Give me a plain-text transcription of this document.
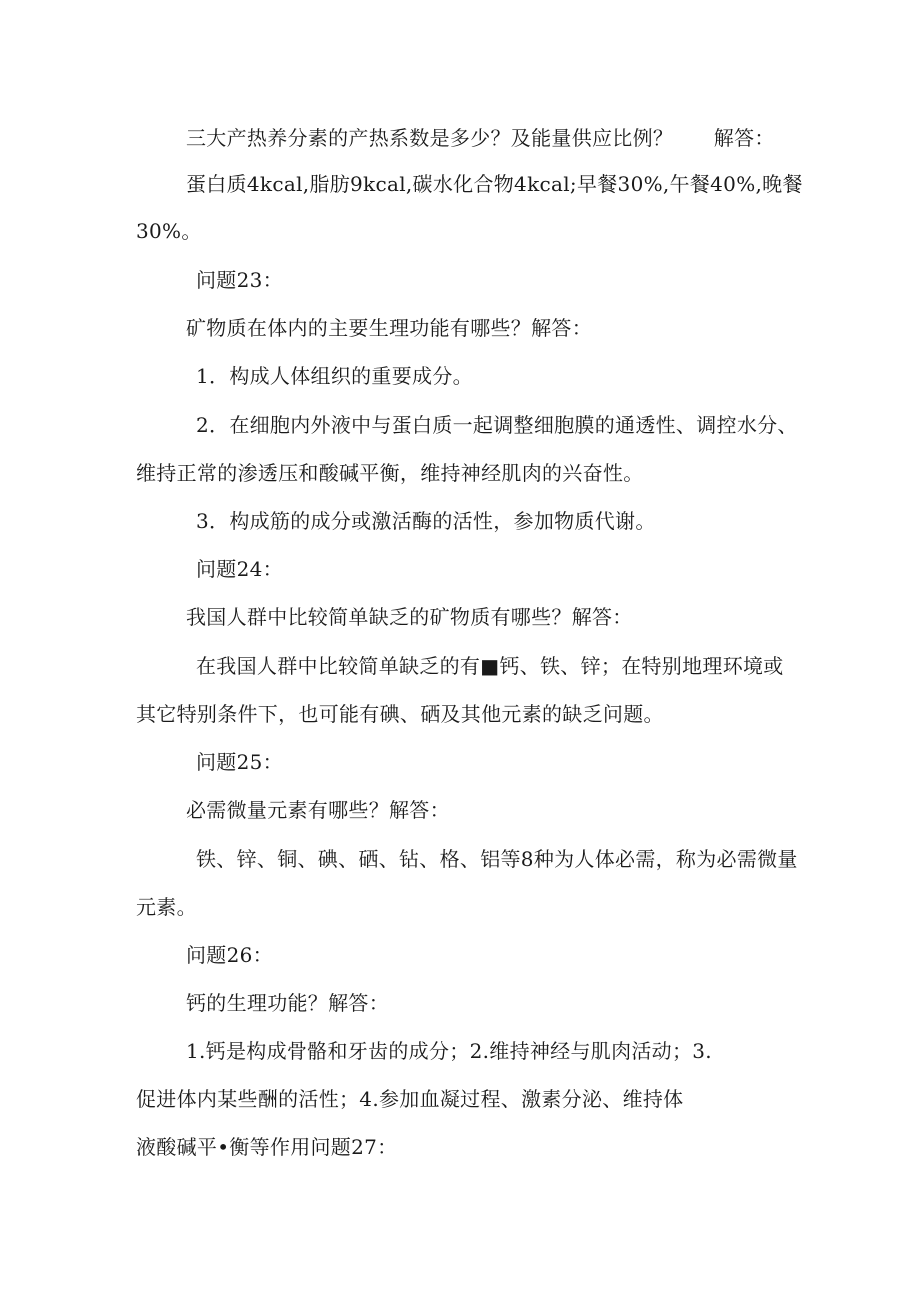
三大产热养分素的产热系数是多少？及能量供应比例？　　解答：
蛋白质4kcal,脂肪9kcal,碳水化合物4kcal;早餐30%,午餐40%,晚餐
30%。
问题23：
矿物质在体内的主要生理功能有哪些？解答：
1．构成人体组织的重要成分。
2．在细胞内外液中与蛋白质一起调整细胞膜的通透性、调控水分、
维持正常的渗透压和酸碱平衡，维持神经肌肉的兴奋性。
3．构成筋的成分或激活酶的活性，参加物质代谢。
问题24：
我国人群中比较简单缺乏的矿物质有哪些？解答：
在我国人群中比较简单缺乏的有■钙、铁、锌；在特别地理环境或
其它特别条件下，也可能有碘、硒及其他元素的缺乏问题。
问题25：
必需微量元素有哪些？解答：
铁、锌、铜、碘、硒、钻、格、铝等8种为人体必需，称为必需微量
元素。
问题26：
钙的生理功能？解答：
1.钙是构成骨骼和牙齿的成分；2.维持神经与肌肉活动；3.
促进体内某些酬的活性；4.参加血凝过程、激素分泌、维持体
液酸碱平•衡等作用问题27：
